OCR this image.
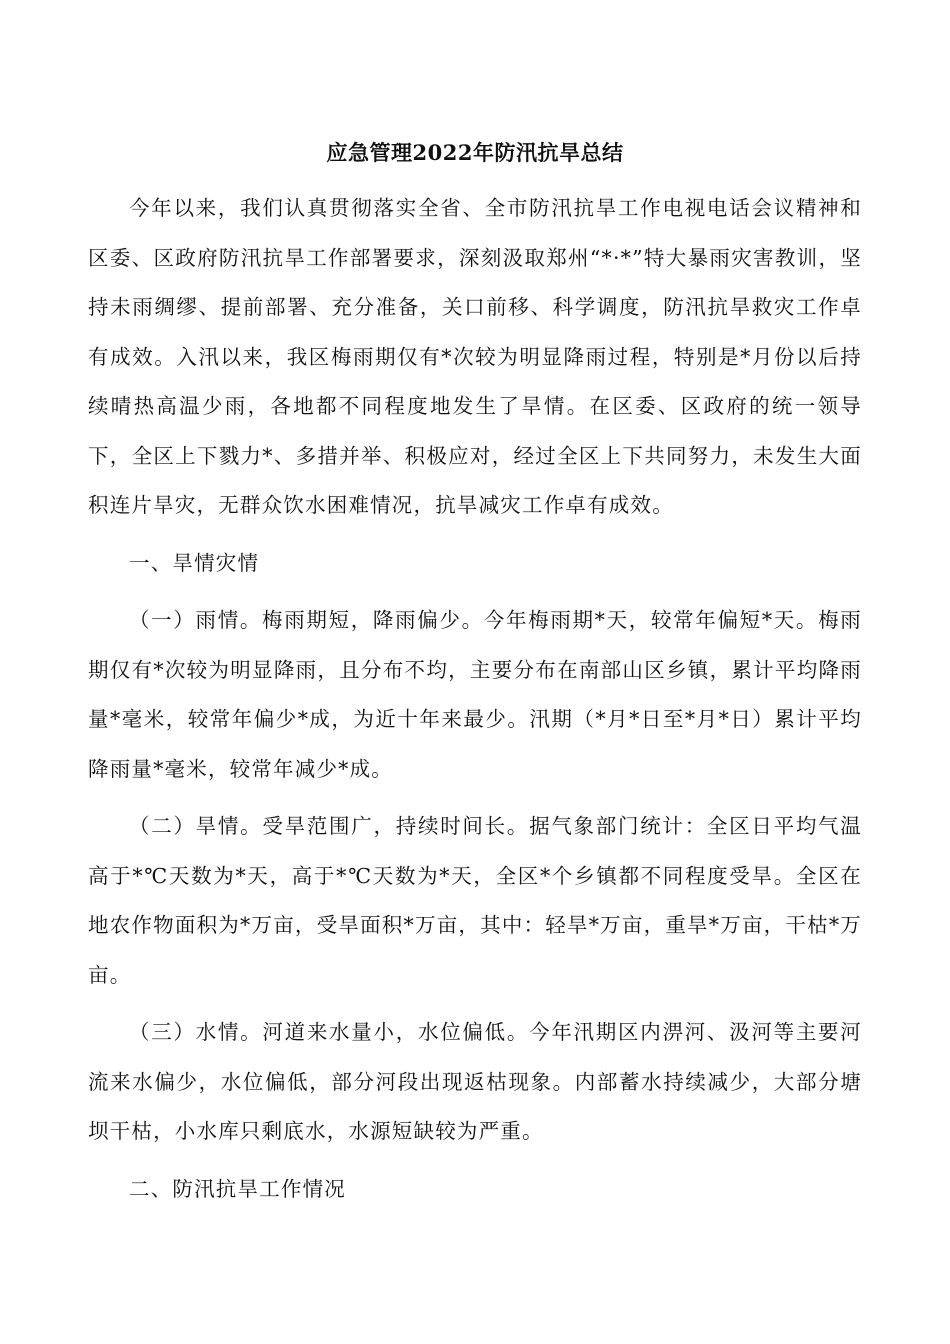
应急管理2022年防汛抗旱总结

今年以来，我们认真贯彻落实全省、全市防汛抗旱工作电视电话会议精神和区委、区政府防汛抗旱工作部署要求，深刻汲取郑州“*·*”特大暴雨灾害教训，坚持未雨绸缪、提前部署、充分准备，关口前移、科学调度，防汛抗旱救灾工作卓有成效。入汛以来，我区梅雨期仅有*次较为明显降雨过程，特别是*月份以后持续晴热高温少雨，各地都不同程度地发生了旱情。在区委、区政府的统一领导下，全区上下戮力*、多措并举、积极应对，经过全区上下共同努力，未发生大面积连片旱灾，无群众饮水困难情况，抗旱减灾工作卓有成效。

一、旱情灾情

（一）雨情。梅雨期短，降雨偏少。今年梅雨期*天，较常年偏短*天。梅雨期仅有*次较为明显降雨，且分布不均，主要分布在南部山区乡镇，累计平均降雨量*毫米，较常年偏少*成，为近十年来最少。汛期（*月*日至*月*日）累计平均降雨量*毫米，较常年减少*成。

（二）旱情。受旱范围广，持续时间长。据气象部门统计：全区日平均气温高于*℃天数为*天，高于*℃天数为*天，全区*个乡镇都不同程度受旱。全区在地农作物面积为*万亩，受旱面积*万亩，其中：轻旱*万亩，重旱*万亩，干枯*万亩。

（三）水情。河道来水量小，水位偏低。今年汛期区内淠河、汲河等主要河流来水偏少，水位偏低，部分河段出现返枯现象。内部蓄水持续减少，大部分塘坝干枯，小水库只剩底水，水源短缺较为严重。

二、防汛抗旱工作情况
